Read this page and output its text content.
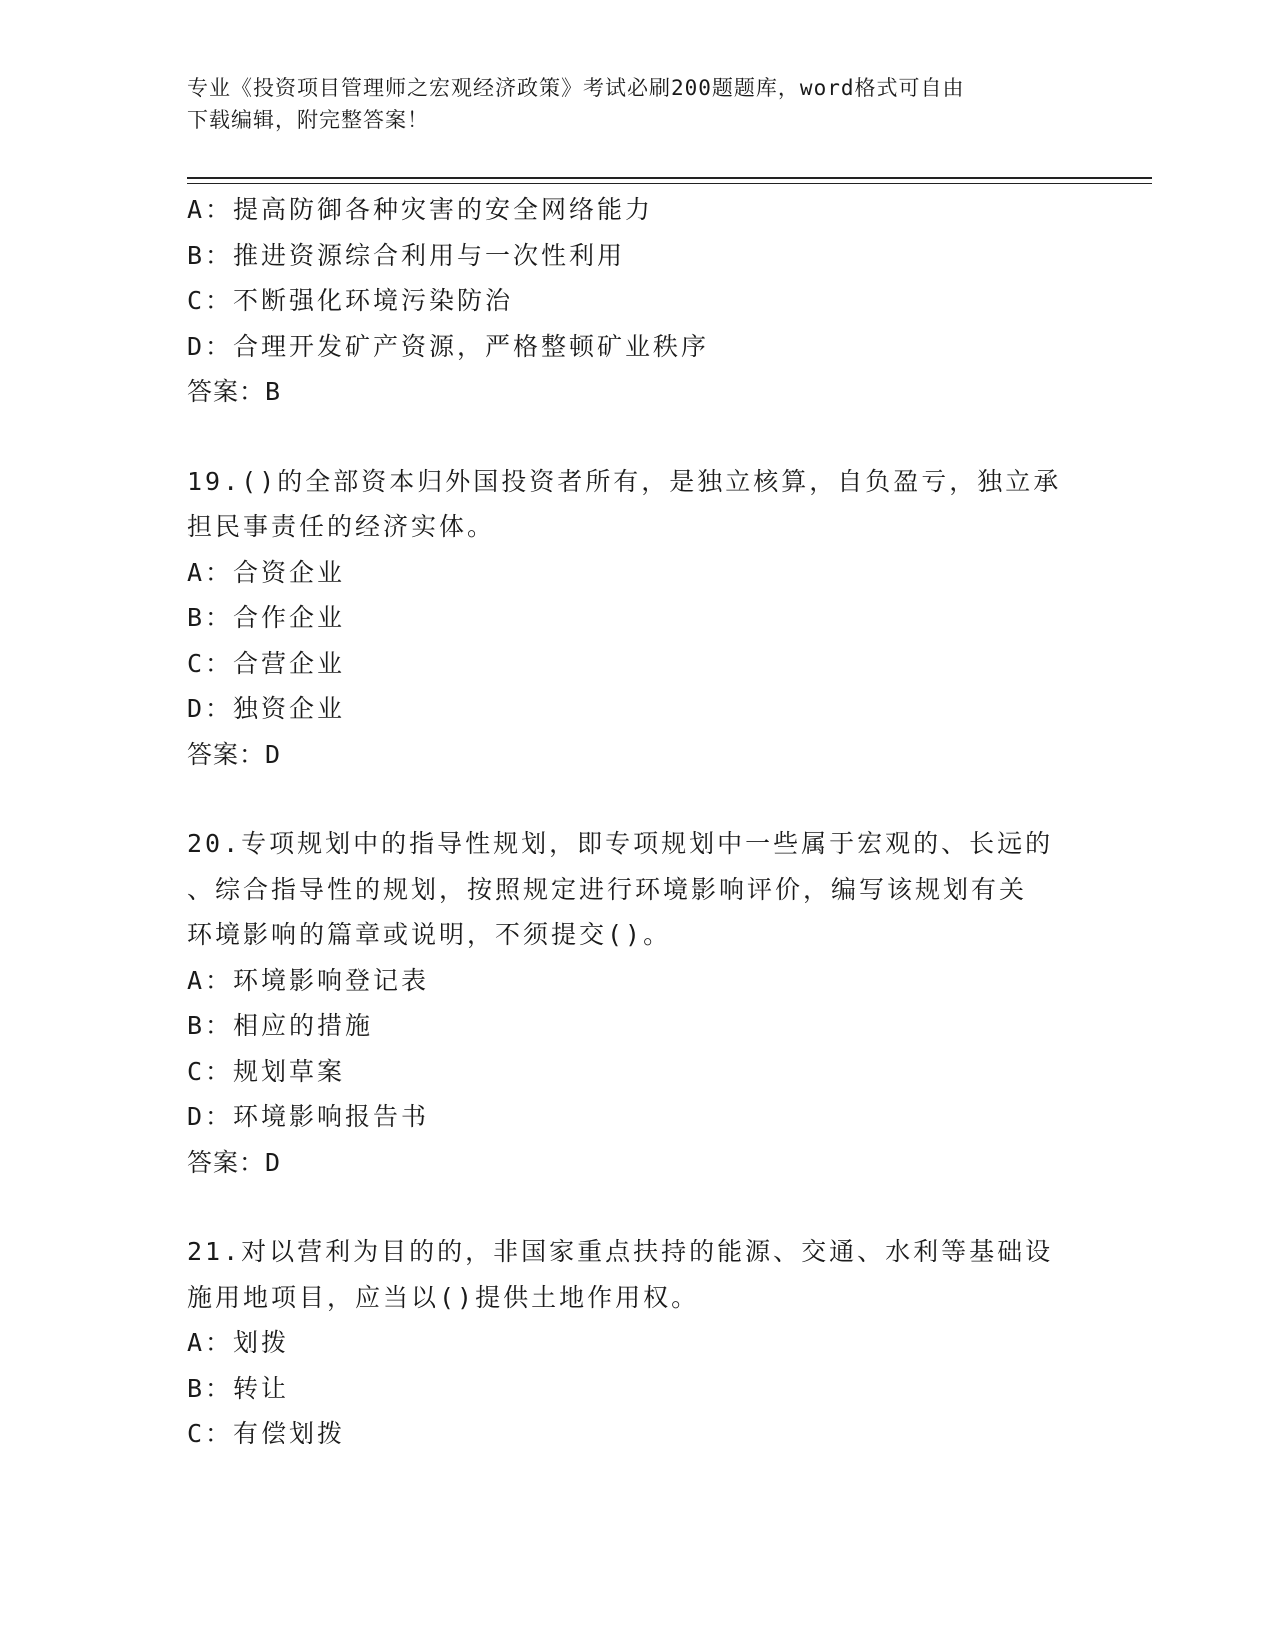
专业《投资项目管理师之宏观经济政策》考试必刷200题题库，word格式可自由
下载编辑，附完整答案！
A：提高防御各种灾害的安全网络能力
B：推进资源综合利用与一次性利用
C：不断强化环境污染防治
D：合理开发矿产资源，严格整顿矿业秩序
答案：B
19.()的全部资本归外国投资者所有，是独立核算，自负盈亏，独立承
担民事责任的经济实体。
A：合资企业
B：合作企业
C：合营企业
D：独资企业
答案：D
20.专项规划中的指导性规划，即专项规划中一些属于宏观的、长远的
、综合指导性的规划，按照规定进行环境影响评价，编写该规划有关
环境影响的篇章或说明，不须提交()。
A：环境影响登记表
B：相应的措施
C：规划草案
D：环境影响报告书
答案：D
21.对以营利为目的的，非国家重点扶持的能源、交通、水利等基础设
施用地项目，应当以()提供土地作用权。
A：划拨
B：转让
C：有偿划拨
